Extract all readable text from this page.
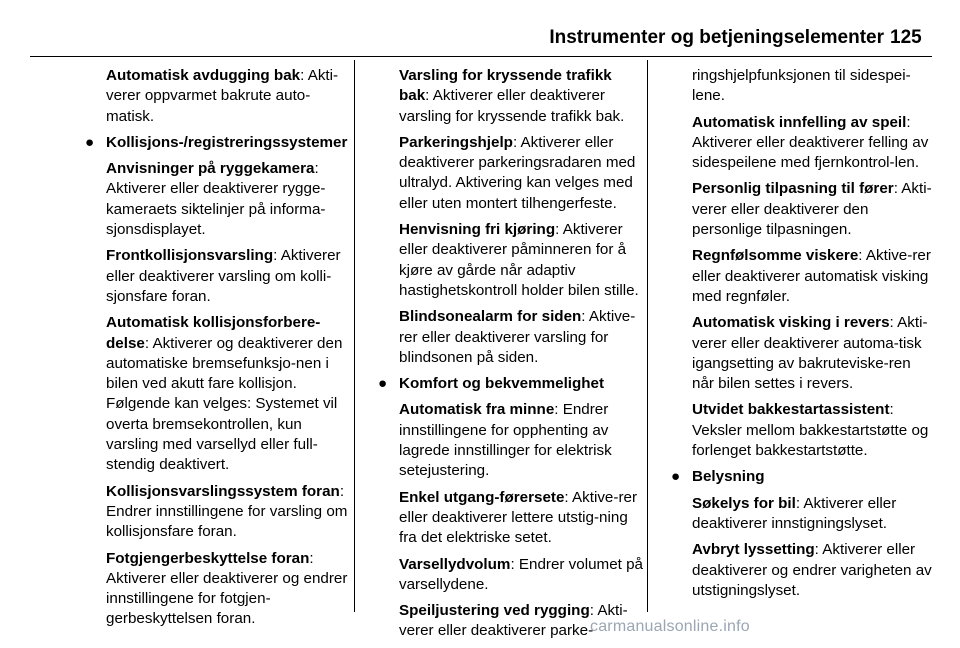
Instrumenter og betjeningselementer 125

Automatisk avdugging bak: Akti-verer oppvarmet bakrute auto-matisk.

● Kollisjons-/registreringssystemer

Anvisninger på ryggekamera: Aktiverer eller deaktiverer rygge-kameraets siktelinjer på informa-sjonsdisplayet.

Frontkollisjonsvarsling: Aktiverer eller deaktiverer varsling om kolli-sjonsfare foran.

Automatisk kollisjonsforbere-delse: Aktiverer og deaktiverer den automatiske bremsefunksjo-nen i bilen ved akutt fare kollisjon. Følgende kan velges: Systemet vil overta bremsekontrollen, kun varsling med varsellyd eller full-stendig deaktivert.

Kollisjonsvarslingssystem foran: Endrer innstillingene for varsling om kollisjonsfare foran.

Fotgjengerbeskyttelse foran: Aktiverer eller deaktiverer og endrer innstillingene for fotgjen-gerbeskyttelsen foran.

Varsling for kryssende trafikk bak: Aktiverer eller deaktiverer varsling for kryssende trafikk bak.

Parkeringshjelp: Aktiverer eller deaktiverer parkeringsradaren med ultralyd. Aktivering kan velges med eller uten montert tilhengerfeste.

Henvisning fri kjøring: Aktiverer eller deaktiverer påminneren for å kjøre av gårde når adaptiv hastighetskontroll holder bilen stille.

Blindsonealarm for siden: Aktive-rer eller deaktiverer varsling for blindsonen på siden.

● Komfort og bekvemmelighet

Automatisk fra minne: Endrer innstillingene for opphenting av lagrede innstillinger for elektrisk setejustering.

Enkel utgang-førersete: Aktive-rer eller deaktiverer lettere utstig-ning fra det elektriske setet.

Varsellydvolum: Endrer volumet på varsellydene.

Speiljustering ved rygging: Akti-verer eller deaktiverer parke-

ringshjelpfunksjonen til sidespei-lene.

Automatisk innfelling av speil: Aktiverer eller deaktiverer felling av sidespeilene med fjernkontrol-len.

Personlig tilpasning til fører: Akti-verer eller deaktiverer den personlige tilpasningen.

Regnfølsomme viskere: Aktive-rer eller deaktiverer automatisk visking med regnføler.

Automatisk visking i revers: Akti-verer eller deaktiverer automa-tisk igangsetting av bakruteviske-ren når bilen settes i revers.

Utvidet bakkestartassistent: Veksler mellom bakkestartstøtte og forlenget bakkestartstøtte.

● Belysning

Søkelys for bil: Aktiverer eller deaktiverer innstigningslyset.

Avbryt lyssetting: Aktiverer eller deaktiverer og endrer varigheten av utstigningslyset.

carmanualsonline.info
